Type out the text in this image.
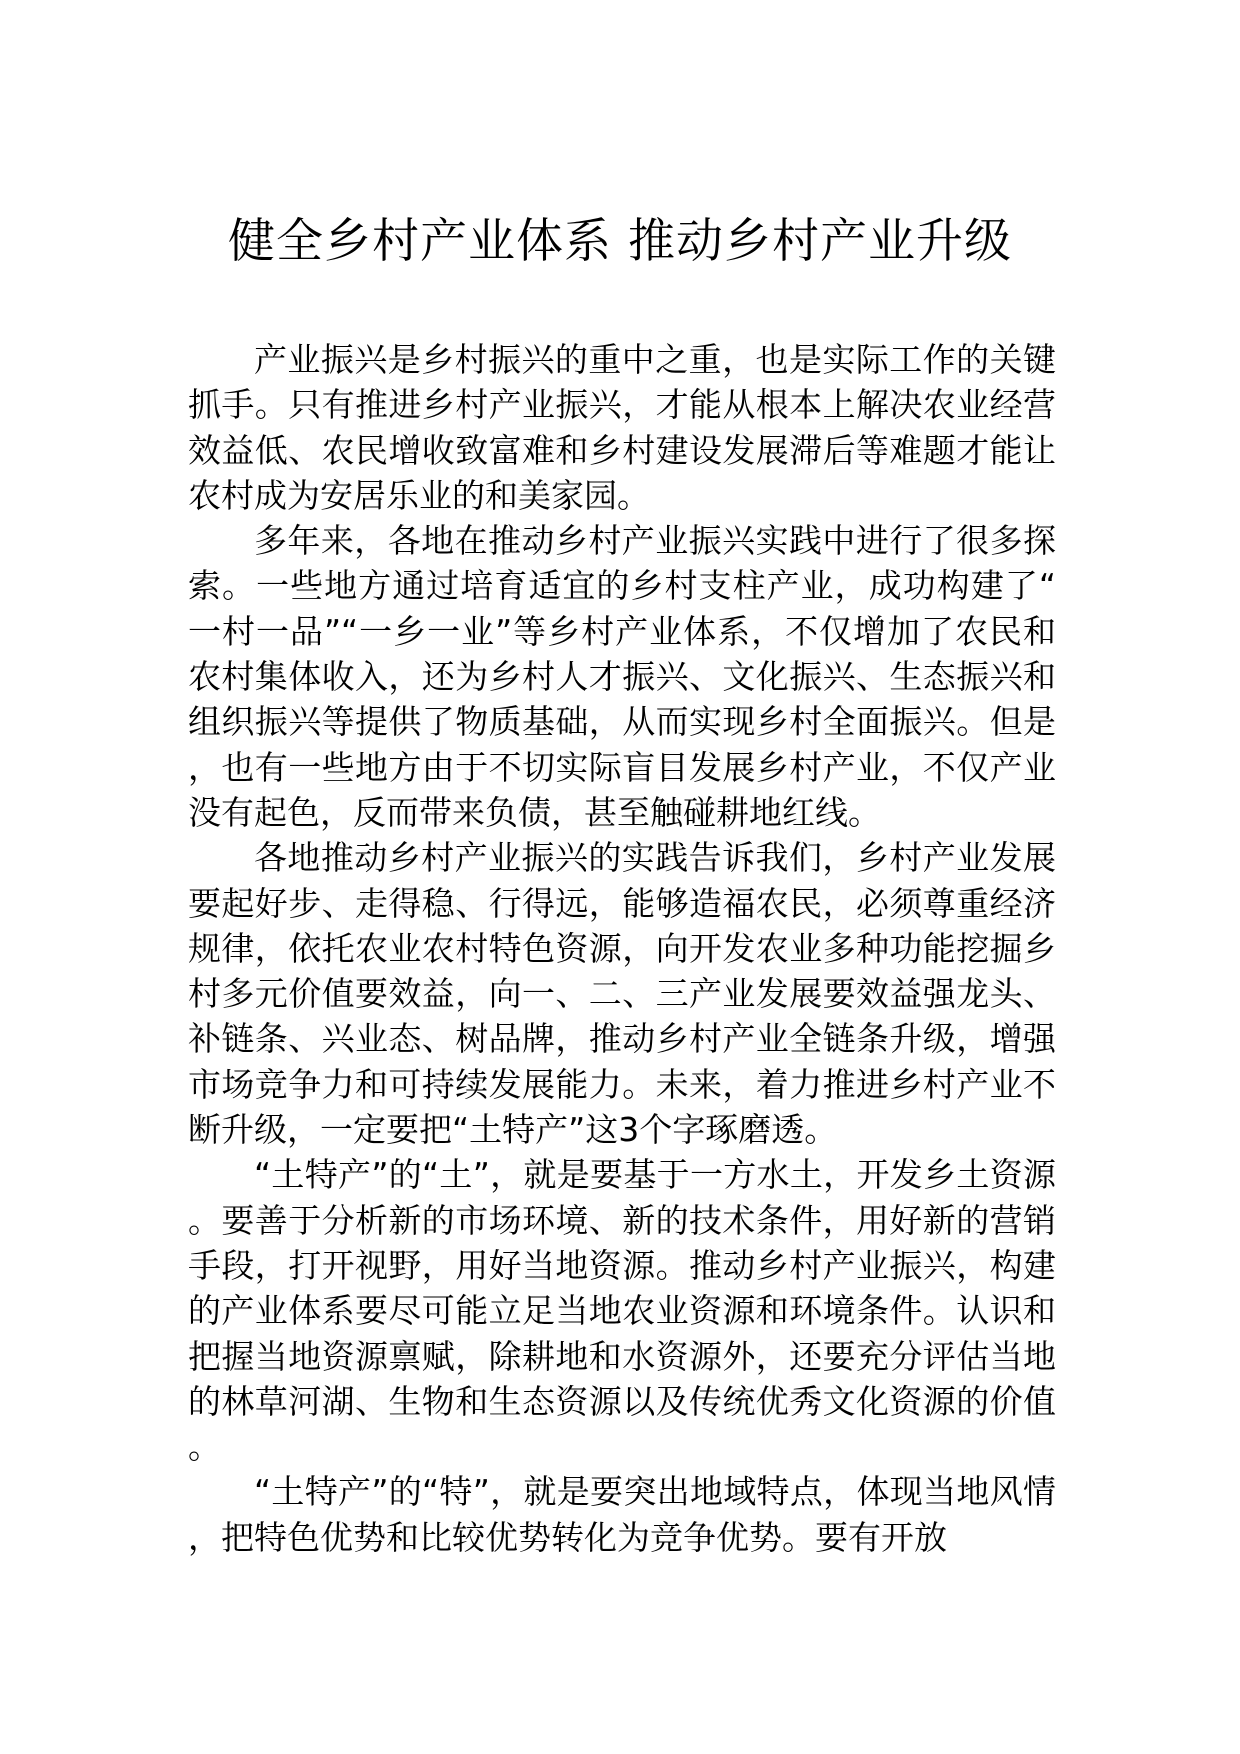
健全乡村产业体系 推动乡村产业升级

产业振兴是乡村振兴的重中之重，也是实际工作的关键抓手。只有推进乡村产业振兴，才能从根本上解决农业经营效益低、农民增收致富难和乡村建设发展滞后等难题才能让农村成为安居乐业的和美家园。

多年来，各地在推动乡村产业振兴实践中进行了很多探索。一些地方通过培育适宜的乡村支柱产业，成功构建了“一村一品”“一乡一业”等乡村产业体系，不仅增加了农民和农村集体收入，还为乡村人才振兴、文化振兴、生态振兴和组织振兴等提供了物质基础，从而实现乡村全面振兴。但是，也有一些地方由于不切实际盲目发展乡村产业，不仅产业没有起色，反而带来负债，甚至触碰耕地红线。

各地推动乡村产业振兴的实践告诉我们，乡村产业发展要起好步、走得稳、行得远，能够造福农民，必须尊重经济规律，依托农业农村特色资源，向开发农业多种功能挖掘乡村多元价值要效益，向一、二、三产业发展要效益强龙头、补链条、兴业态、树品牌，推动乡村产业全链条升级，增强市场竞争力和可持续发展能力。未来，着力推进乡村产业不断升级，一定要把“土特产”这3个字琢磨透。

“土特产”的“土”，就是要基于一方水土，开发乡土资源。要善于分析新的市场环境、新的技术条件，用好新的营销手段，打开视野，用好当地资源。推动乡村产业振兴，构建的产业体系要尽可能立足当地农业资源和环境条件。认识和把握当地资源禀赋，除耕地和水资源外，还要充分评估当地的林草河湖、生物和生态资源以及传统优秀文化资源的价值。

“土特产”的“特”，就是要突出地域特点，体现当地风情，把特色优势和比较优势转化为竞争优势。要有开放
